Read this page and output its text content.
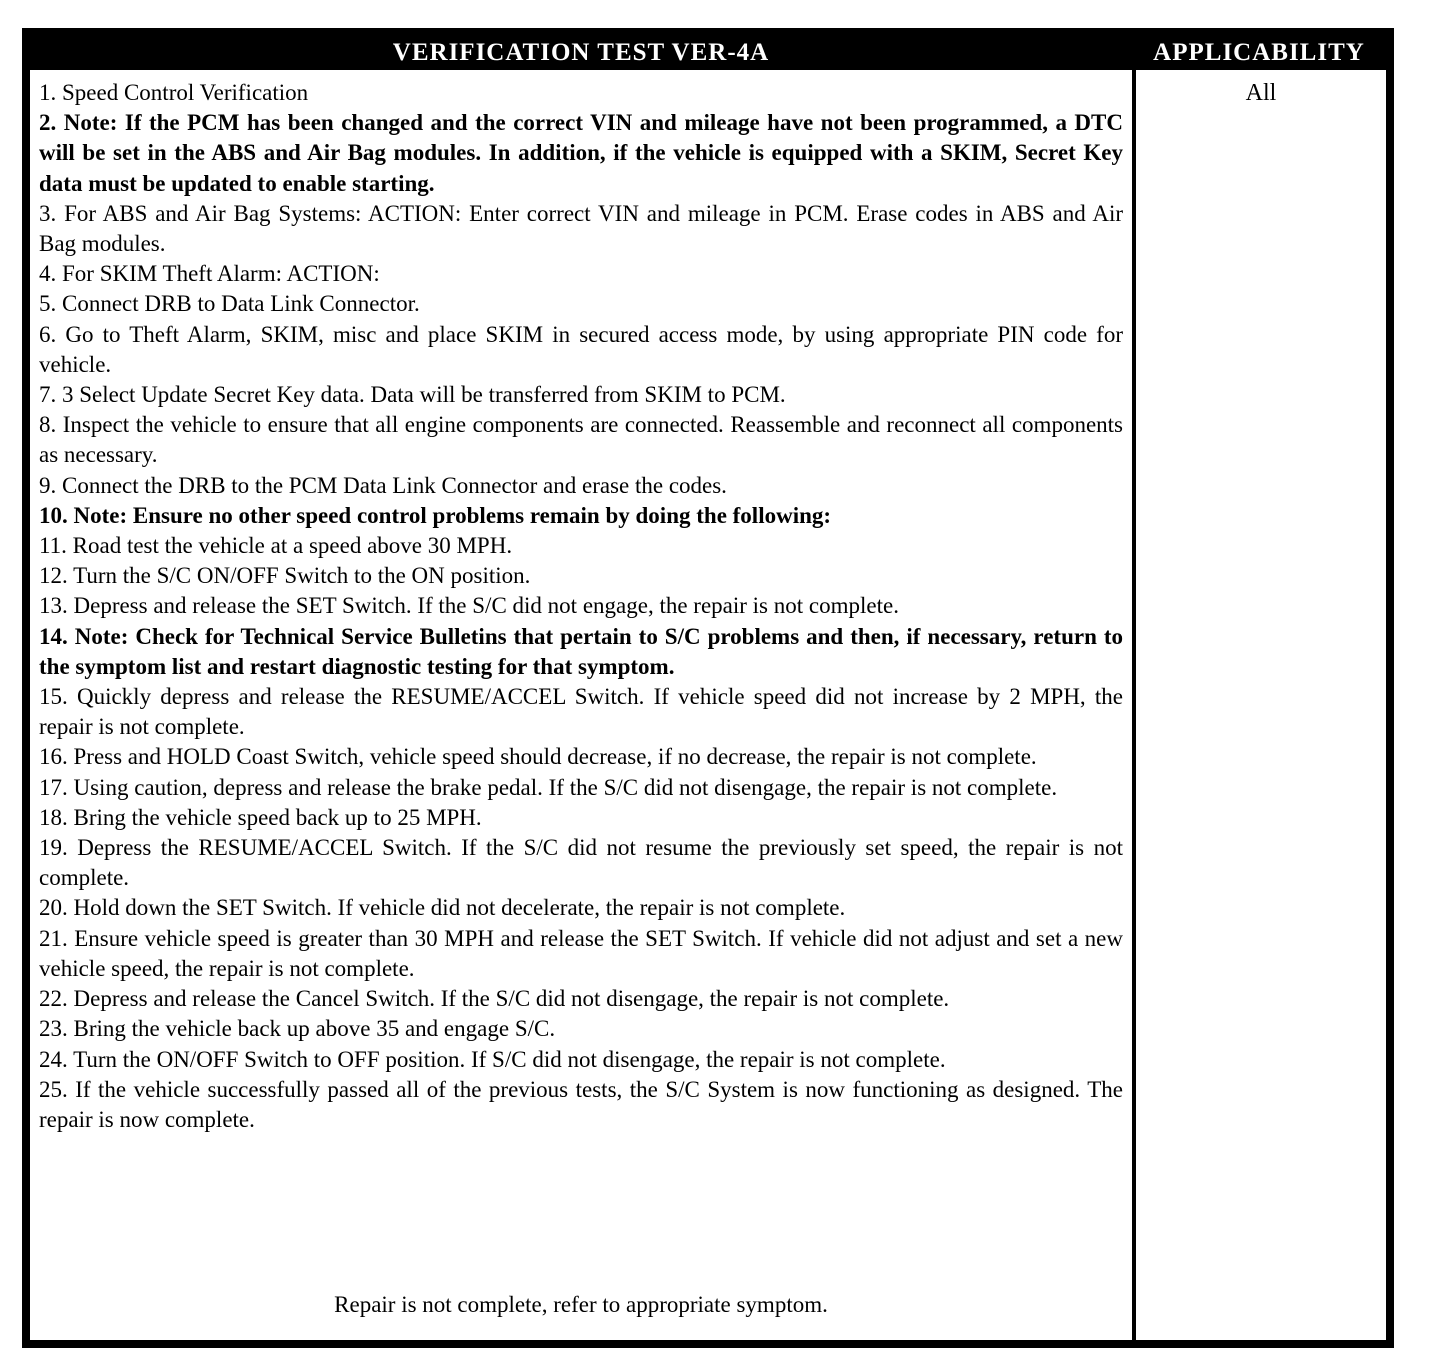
VERIFICATION TEST VER-4A	APPLICABILITY

1. Speed Control Verification

2. Note: If the PCM has been changed and the correct VIN and mileage have not been programmed, a DTC will be set in the ABS and Air Bag modules. In addition, if the vehicle is equipped with a SKIM, Secret Key data must be updated to enable starting.

3. For ABS and Air Bag Systems: ACTION: Enter correct VIN and mileage in PCM. Erase codes in ABS and Air Bag modules.

4. For SKIM Theft Alarm: ACTION:

5. Connect DRB to Data Link Connector.

6. Go to Theft Alarm, SKIM, misc and place SKIM in secured access mode, by using appropriate PIN code for vehicle.

7. 3 Select Update Secret Key data. Data will be transferred from SKIM to PCM.

8. Inspect the vehicle to ensure that all engine components are connected. Reassemble and reconnect all components as necessary.

9. Connect the DRB to the PCM Data Link Connector and erase the codes.

10. Note: Ensure no other speed control problems remain by doing the following:

11. Road test the vehicle at a speed above 30 MPH.

12. Turn the S/C ON/OFF Switch to the ON position.

13. Depress and release the SET Switch. If the S/C did not engage, the repair is not complete.

14. Note: Check for Technical Service Bulletins that pertain to S/C problems and then, if necessary, return to the symptom list and restart diagnostic testing for that symptom.

15. Quickly depress and release the RESUME/ACCEL Switch. If vehicle speed did not increase by 2 MPH, the repair is not complete.

16. Press and HOLD Coast Switch, vehicle speed should decrease, if no decrease, the repair is not complete.

17. Using caution, depress and release the brake pedal. If the S/C did not disengage, the repair is not complete.

18. Bring the vehicle speed back up to 25 MPH.

19. Depress the RESUME/ACCEL Switch. If the S/C did not resume the previously set speed, the repair is not complete.

20. Hold down the SET Switch. If vehicle did not decelerate, the repair is not complete.

21. Ensure vehicle speed is greater than 30 MPH and release the SET Switch. If vehicle did not adjust and set a new vehicle speed, the repair is not complete.

22. Depress and release the Cancel Switch. If the S/C did not disengage, the repair is not complete.

23. Bring the vehicle back up above 35 and engage S/C.

24. Turn the ON/OFF Switch to OFF position. If S/C did not disengage, the repair is not complete.

25. If the vehicle successfully passed all of the previous tests, the S/C System is now functioning as designed. The repair is now complete.

Repair is not complete, refer to appropriate symptom.

All
